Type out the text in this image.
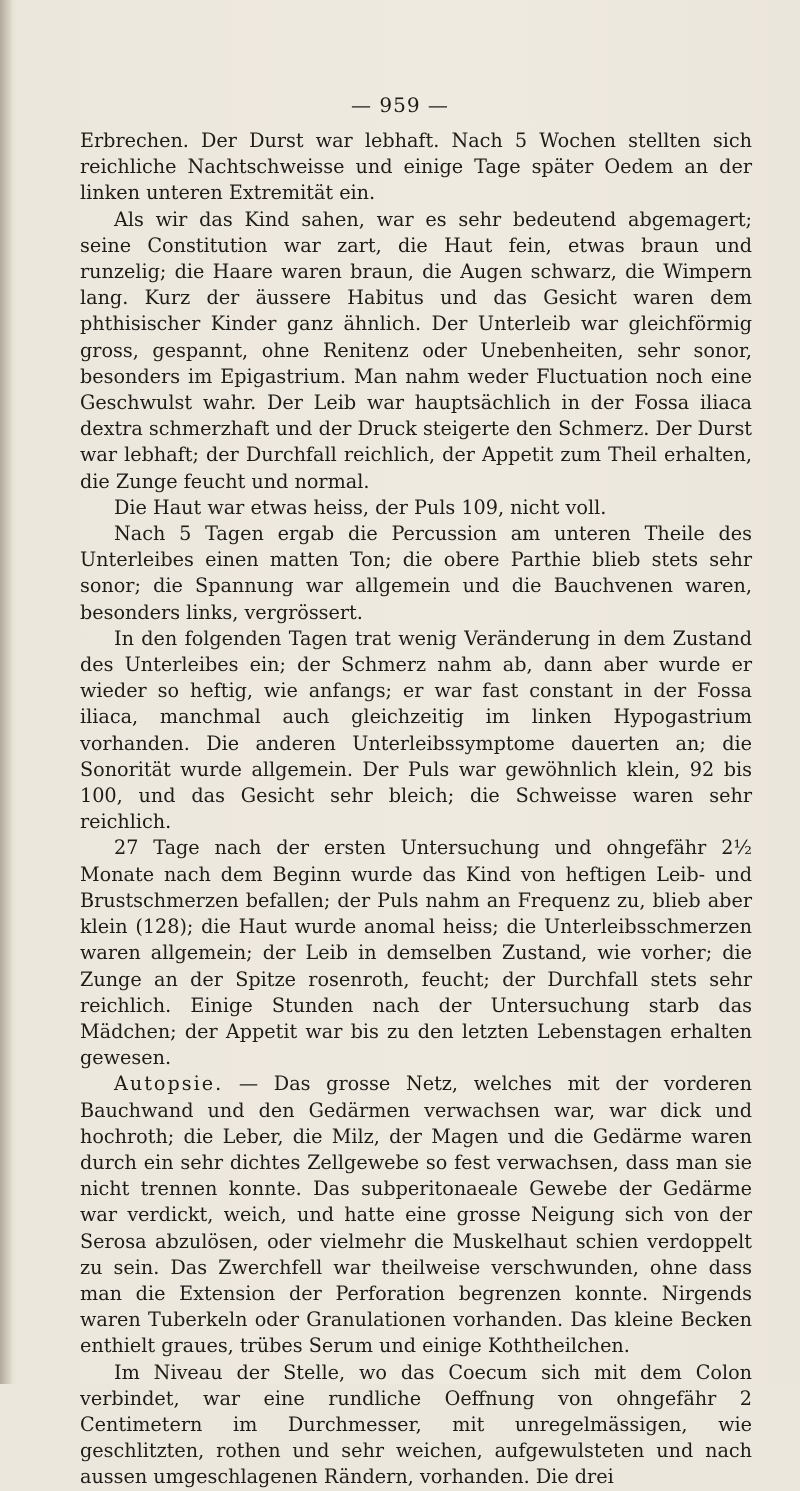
— 959 —

Erbrechen. Der Durst war lebhaft. Nach 5 Wochen stellten sich reichliche Nachtschweisse und einige Tage später Oedem an der linken unteren Extremität ein.

Als wir das Kind sahen, war es sehr bedeutend abgemagert; seine Constitution war zart, die Haut fein, etwas braun und runzelig; die Haare waren braun, die Augen schwarz, die Wimpern lang. Kurz der äussere Habitus und das Gesicht waren dem phthisischer Kinder ganz ähnlich. Der Unterleib war gleichförmig gross, gespannt, ohne Renitenz oder Unebenheiten, sehr sonor, besonders im Epigastrium. Man nahm weder Fluctuation noch eine Geschwulst wahr. Der Leib war hauptsächlich in der Fossa iliaca dextra schmerzhaft und der Druck steigerte den Schmerz. Der Durst war lebhaft; der Durchfall reichlich, der Appetit zum Theil erhalten, die Zunge feucht und normal.

Die Haut war etwas heiss, der Puls 109, nicht voll.

Nach 5 Tagen ergab die Percussion am unteren Theile des Unterleibes einen matten Ton; die obere Parthie blieb stets sehr sonor; die Spannung war allgemein und die Bauchvenen waren, besonders links, vergrössert.

In den folgenden Tagen trat wenig Veränderung in dem Zustand des Unterleibes ein; der Schmerz nahm ab, dann aber wurde er wieder so heftig, wie anfangs; er war fast constant in der Fossa iliaca, manchmal auch gleichzeitig im linken Hypogastrium vorhanden. Die anderen Unterleibssymptome dauerten an; die Sonorität wurde allgemein. Der Puls war gewöhnlich klein, 92 bis 100, und das Gesicht sehr bleich; die Schweisse waren sehr reichlich.

27 Tage nach der ersten Untersuchung und ohngefähr 2½ Monate nach dem Beginn wurde das Kind von heftigen Leib- und Brustschmerzen befallen; der Puls nahm an Frequenz zu, blieb aber klein (128); die Haut wurde anomal heiss; die Unterleibsschmerzen waren allgemein; der Leib in demselben Zustand, wie vorher; die Zunge an der Spitze rosenroth, feucht; der Durchfall stets sehr reichlich. Einige Stunden nach der Untersuchung starb das Mädchen; der Appetit war bis zu den letzten Lebenstagen erhalten gewesen.

Autopsie. — Das grosse Netz, welches mit der vorderen Bauchwand und den Gedärmen verwachsen war, war dick und hochroth; die Leber, die Milz, der Magen und die Gedärme waren durch ein sehr dichtes Zellgewebe so fest verwachsen, dass man sie nicht trennen konnte. Das subperitonaeale Gewebe der Gedärme war verdickt, weich, und hatte eine grosse Neigung sich von der Serosa abzulösen, oder vielmehr die Muskelhaut schien verdoppelt zu sein. Das Zwerchfell war theilweise verschwunden, ohne dass man die Extension der Perforation begrenzen konnte. Nirgends waren Tuberkeln oder Granulationen vorhanden. Das kleine Becken enthielt graues, trübes Serum und einige Koththeilchen.

Im Niveau der Stelle, wo das Coecum sich mit dem Colon verbindet, war eine rundliche Oeffnung von ohngefähr 2 Centimetern im Durchmesser, mit unregelmässigen, wie geschlitzten, rothen und sehr weichen, aufgewulsteten und nach aussen umgeschlagenen Rändern, vorhanden. Die drei
